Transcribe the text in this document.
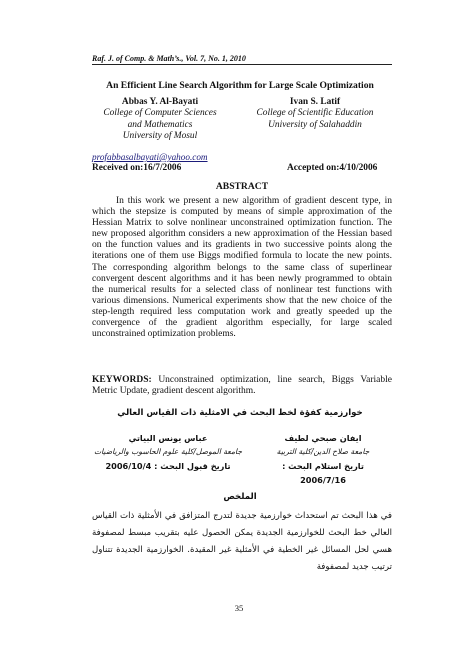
Raf. J. of Comp. & Math’s., Vol. 7, No. 1, 2010
An Efficient Line Search Algorithm for Large Scale Optimization
Abbas Y. Al-Bayati
College of Computer Sciences
and Mathematics
University of Mosul
Ivan S. Latif
College of Scientific Education
University of Salahaddin
profabbasalbayati@yahoo.com
Received on:16/7/2006	Accepted on:4/10/2006
ABSTRACT

In this work we present a new algorithm of gradient descent type, in which the stepsize is computed by means of simple approximation of the Hessian Matrix to solve nonlinear unconstrained optimization function. The new proposed algorithm considers a new approximation of the Hessian based on the function values and its gradients in two successive points along the iterations one of them use Biggs modified formula to locate the new points. The corresponding algorithm belongs to the same class of superlinear convergent descent algorithms and it has been newly programmed to obtain the numerical results for a selected class of nonlinear test functions with various dimensions. Numerical experiments show that the new choice of the step-length required less computation work and greatly speeded up the convergence of the gradient algorithm especially, for large scaled unconstrained optimization problems.

KEYWORDS: Unconstrained optimization, line search, Biggs Variable Metric Update, gradient descent algorithm.

خوارزمية كفؤة لخط البحث في الامثلية ذات القياس العالي
ايفان صبحي لطيف
جامعة صلاح الدين/كلية التربية
تاريخ استلام البحث : 2006/7/16
عباس يونس البياتي
جامعة الموصل/كلية علوم الحاسوب والرياضيات
تاريخ قبول البحث : 2006/10/4
الملخص

في هذا البحث تم استحداث خوارزمية جديدة لتدرج المتزافق في الأمثلية ذات القياس العالي خط البحث للخوارزمية الجديدة يمكن الحصول عليه بتقريب مبسط لمصفوفة هسي لحل المسائل غير الخطية في الأمثلية غير المقيدة. الخوارزمية الجديدة تتناول ترتيب جديد لمصفوفة

35
